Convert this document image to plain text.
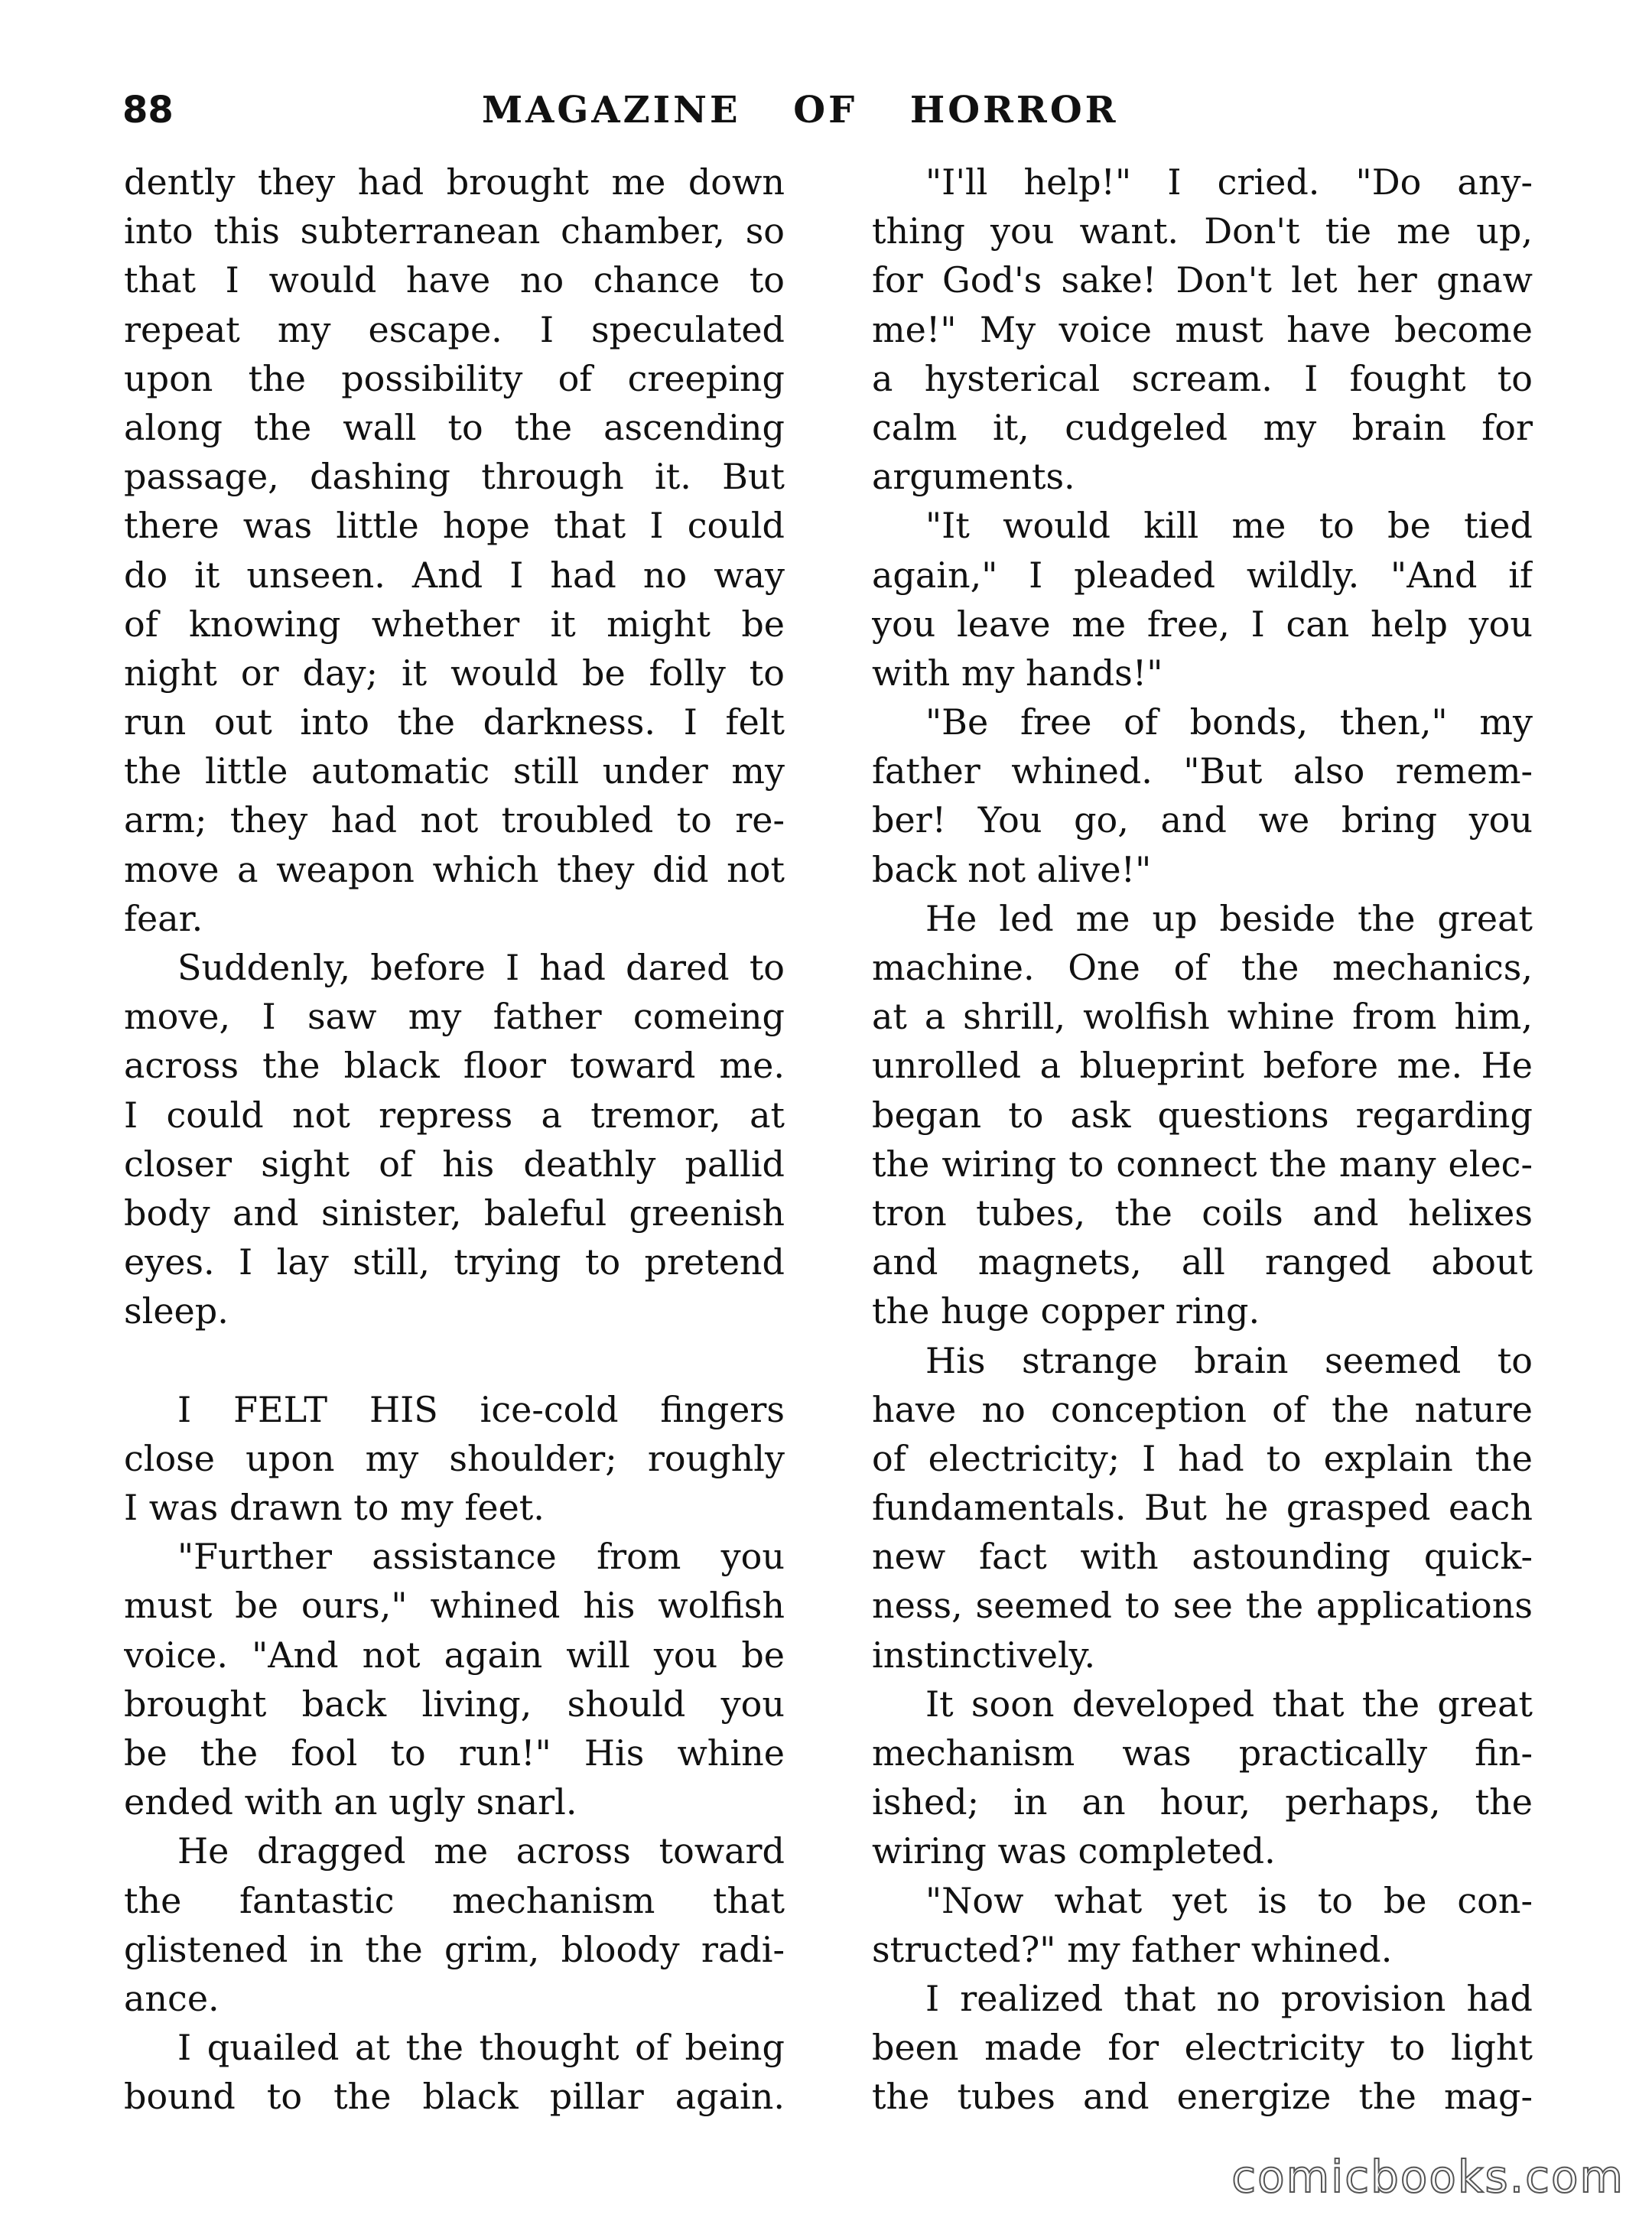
88	MAGAZINE OF HORROR
dently they had brought me down
into this subterranean chamber, so
that I would have no chance to
repeat my escape. I speculated
upon the possibility of creeping
along the wall to the ascending
passage, dashing through it. But
there was little hope that I could
do it unseen. And I had no way
of knowing whether it might be
night or day; it would be folly to
run out into the darkness. I felt
the little automatic still under my
arm; they had not troubled to re-
move a weapon which they did not
fear.
Suddenly, before I had dared to
move, I saw my father comeing
across the black floor toward me.
I could not repress a tremor, at
closer sight of his deathly pallid
body and sinister, baleful greenish
eyes. I lay still, trying to pretend
sleep.
I FELT HIS ice-cold fingers
close upon my shoulder; roughly
I was drawn to my feet.
"Further assistance from you
must be ours," whined his wolfish
voice. "And not again will you be
brought back living, should you
be the fool to run!" His whine
ended with an ugly snarl.
He dragged me across toward
the fantastic mechanism that
glistened in the grim, bloody radi-
ance.
I quailed at the thought of being
bound to the black pillar again.
"I'll help!" I cried. "Do any-
thing you want. Don't tie me up,
for God's sake! Don't let her gnaw
me!" My voice must have become
a hysterical scream. I fought to
calm it, cudgeled my brain for
arguments.
"It would kill me to be tied
again," I pleaded wildly. "And if
you leave me free, I can help you
with my hands!"
"Be free of bonds, then," my
father whined. "But also remem-
ber! You go, and we bring you
back not alive!"
He led me up beside the great
machine. One of the mechanics,
at a shrill, wolfish whine from him,
unrolled a blueprint before me. He
began to ask questions regarding
the wiring to connect the many elec-
tron tubes, the coils and helixes
and magnets, all ranged about
the huge copper ring.
His strange brain seemed to
have no conception of the nature
of electricity; I had to explain the
fundamentals. But he grasped each
new fact with astounding quick-
ness, seemed to see the applications
instinctively.
It soon developed that the great
mechanism was practically fin-
ished; in an hour, perhaps, the
wiring was completed.
"Now what yet is to be con-
structed?" my father whined.
I realized that no provision had
been made for electricity to light
the tubes and energize the mag-
comicbooks.com
